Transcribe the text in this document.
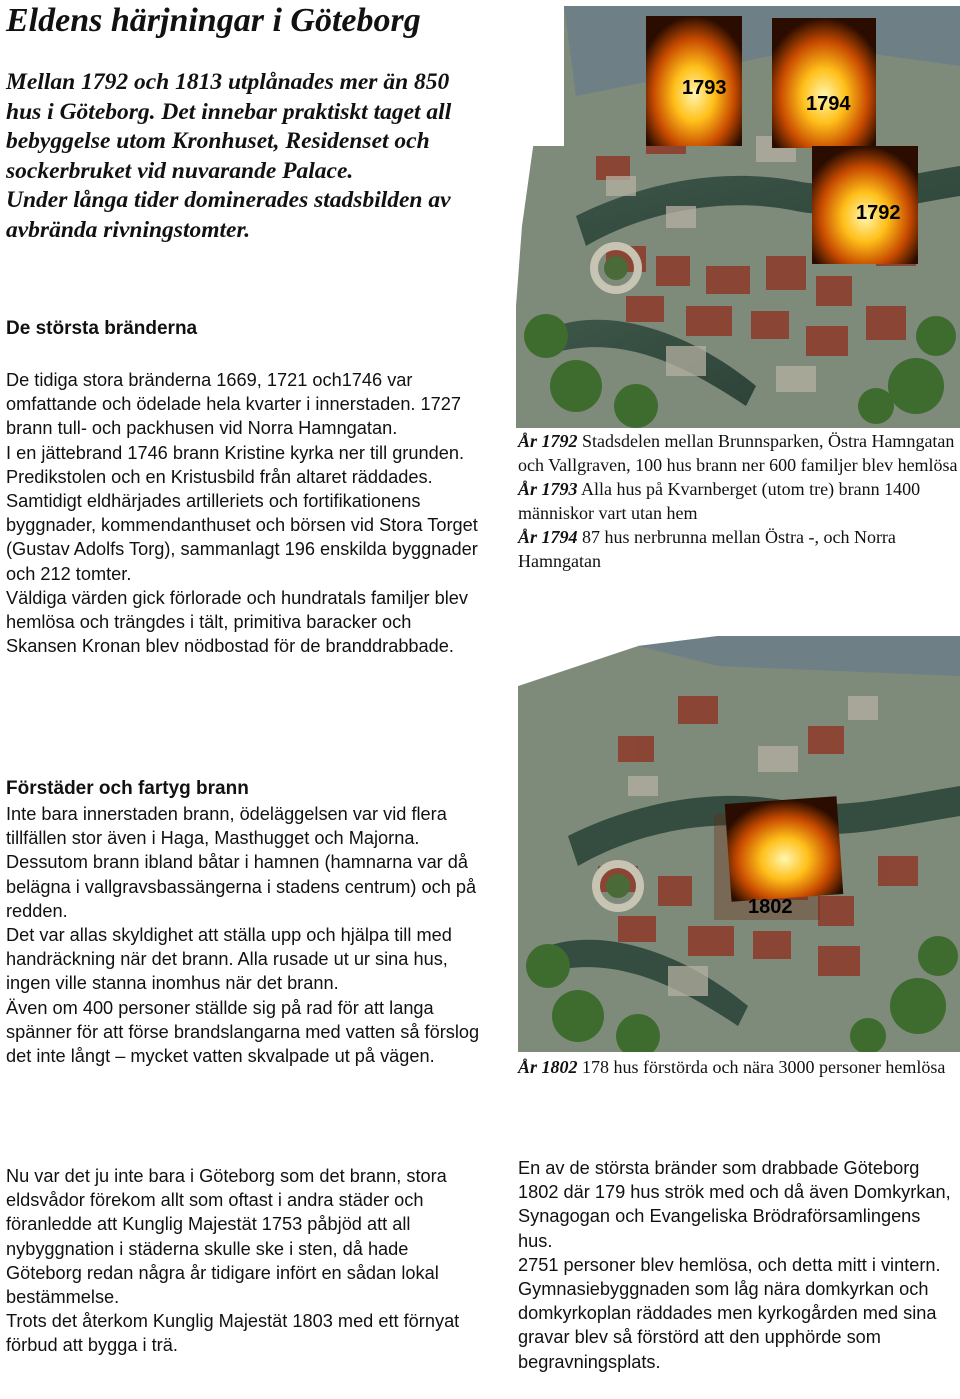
Eldens härjningar i Göteborg

Mellan 1792 och 1813 utplånades mer än 850 hus i Göteborg. Det innebar praktiskt taget all bebyggelse utom Kronhuset, Residenset och sockerbruket vid nuvarande Palace.

Under långa tider dominerades stadsbilden av avbrända rivningstomter.

De största bränderna

De tidiga stora bränderna 1669, 1721 och1746 var omfattande och ödelade hela kvarter i innerstaden. 1727 brann tull- och packhusen vid Norra Hamngatan.

I en jättebrand 1746 brann Kristine kyrka ner till grunden. Predikstolen och en Kristusbild från altaret räddades.

Samtidigt eldhärjades artilleriets och fortifikationens byggnader, kommendanthuset och börsen vid Stora Torget (Gustav Adolfs Torg), sammanlagt 196 enskilda byggnader och 212 tomter.

Väldiga värden gick förlorade och hundratals familjer blev hemlösa och trängdes i tält, primitiva baracker och Skansen Kronan blev nödbostad för de branddrabbade.

Förstäder och fartyg brann

Inte bara innerstaden brann, ödeläggelsen var vid flera tillfällen stor även i Haga, Masthugget och Majorna. Dessutom brann ibland båtar i hamnen (hamnarna var då belägna i vallgravsbassängerna i stadens centrum) och på redden.

Det var allas skyldighet att ställa upp och hjälpa till med handräckning när det brann. Alla rusade ut ur sina hus, ingen ville stanna inomhus när det brann.

Även om 400 personer ställde sig på rad för att langa spänner för att förse brandslangarna med vatten så förslog det inte långt – mycket vatten skvalpade ut på vägen.

Nu var det ju inte bara i Göteborg som det brann, stora eldsvådor förekom allt som oftast i andra städer och föranledde att Kunglig Majestät 1753 påbjöd att all nybyggnation i städerna skulle ske i sten, då hade Göteborg redan några år tidigare infört en sådan lokal bestämmelse.

Trots det återkom Kunglig Majestät 1803 med ett förnyat förbud att bygga i trä.

1793
1794
1792

År 1792 Stadsdelen mellan Brunnsparken, Östra Hamngatan och Vallgraven, 100 hus brann ner 600 familjer blev hemlösa

År 1793 Alla hus på Kvarnberget (utom tre) brann 1400 människor vart utan hem

År 1794 87 hus nerbrunna mellan Östra -, och Norra Hamngatan

1802

År 1802 178 hus förstörda och nära 3000 personer hemlösa

En av de största bränder som drabbade Göteborg 1802 där 179 hus strök med och då även Domkyrkan, Synagogan och Evangeliska Brödraförsamlingens hus.

2751 personer blev hemlösa, och detta mitt i vintern.

Gymnasiebyggnaden som låg nära domkyrkan och domkyrkoplan räddades men kyrkogården med sina gravar blev så förstörd att den upphörde som begravningsplats.
